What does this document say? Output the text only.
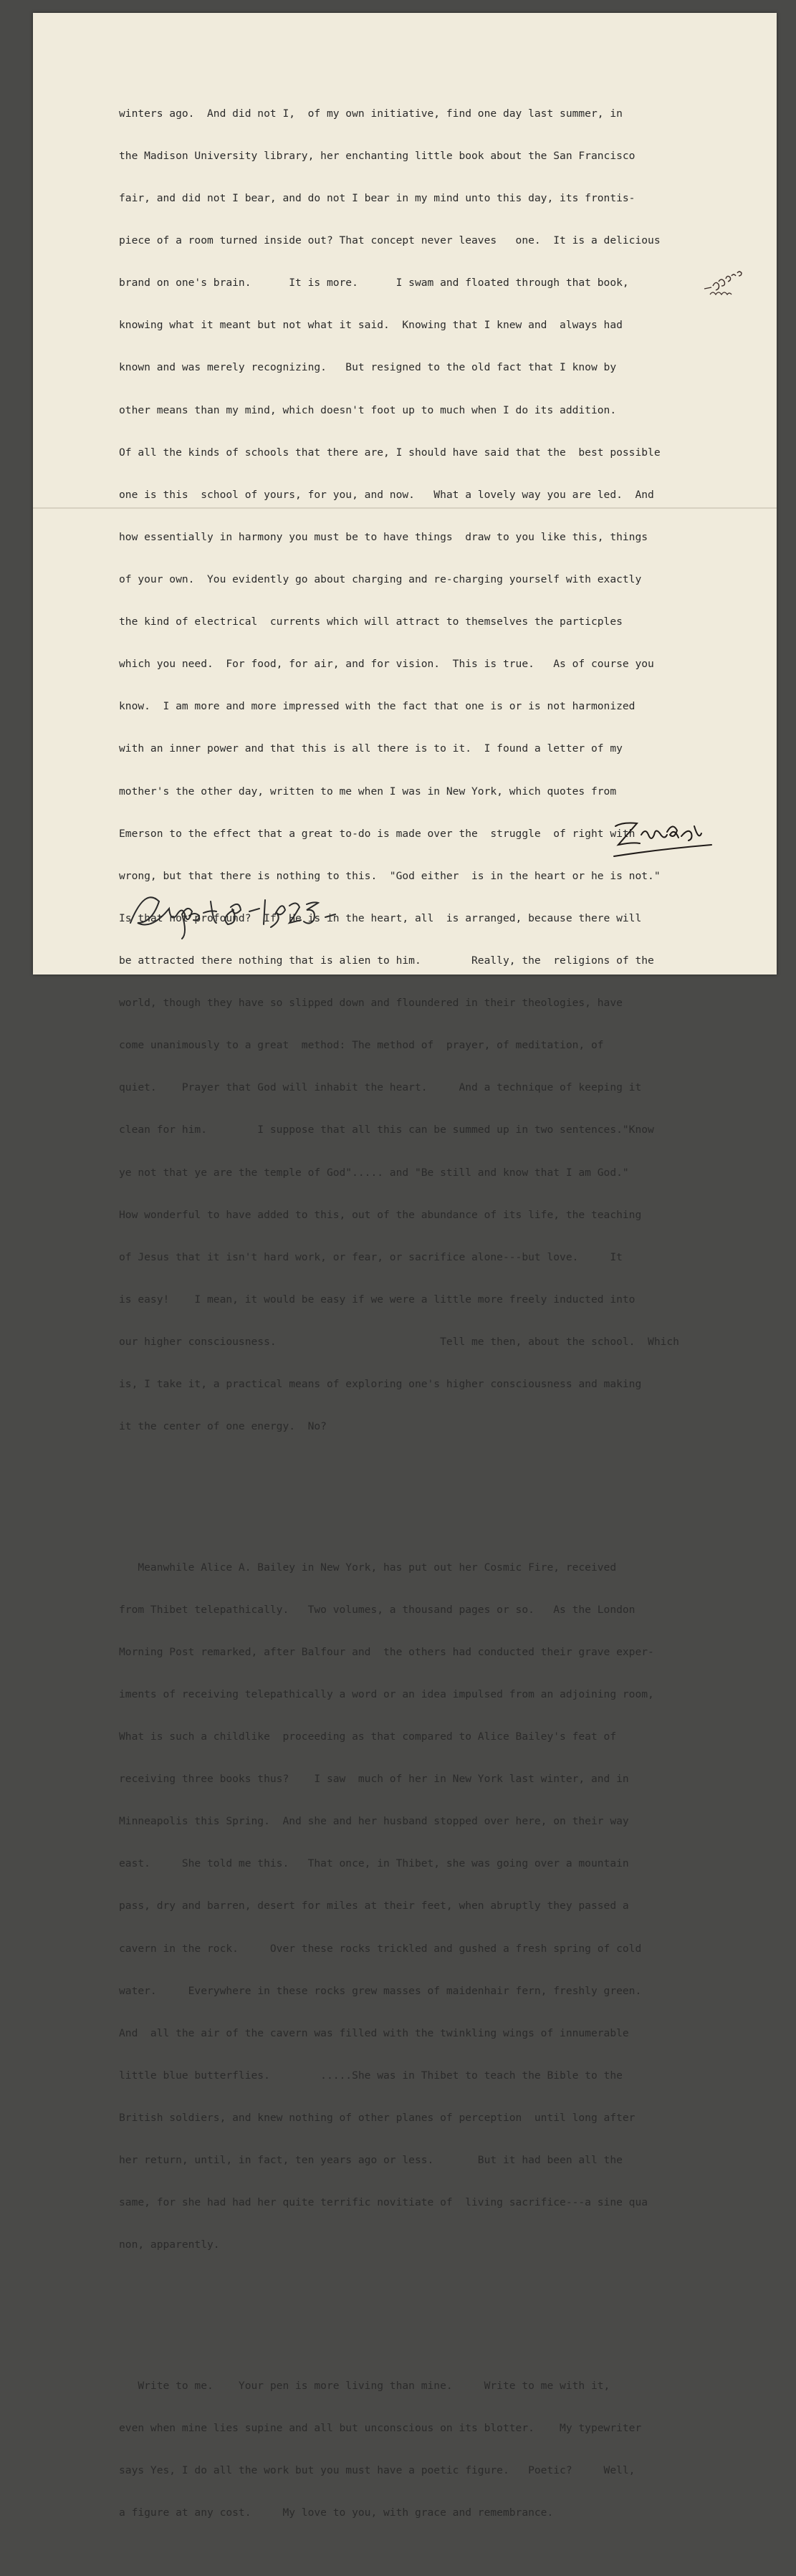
winters ago.  And did not I,  of my own initiative, find one day last summer, in

the Madison University library, her enchanting little book about the San Francisco

fair, and did not I bear, and do not I bear in my mind unto this day, its frontis-

piece of a room turned inside out? That concept never leaves   one.  It is a delicious

brand on one's brain.      It is more.      I swam and floated through that book,

knowing what it meant but not what it said.  Knowing that I knew and  always had

known and was merely recognizing.   But resigned to the old fact that I know by

other means than my mind, which doesn't foot up to much when I do its addition.

Of all the kinds of schools that there are, I should have said that the  best possible

one is this  school of yours, for you, and now.   What a lovely way you are led.  And

how essentially in harmony you must be to have things  draw to you like this, things

of your own.  You evidently go about charging and re-charging yourself with exactly

the kind of electrical  currents which will attract to themselves the particples

which you need.  For food, for air, and for vision.  This is true.   As of course you

know.  I am more and more impressed with the fact that one is or is not harmonized

with an inner power and that this is all there is to it.  I found a letter of my

mother's the other day, written to me when I was in New York, which quotes from

Emerson to the effect that a great to-do is made over the  struggle  of right with

wrong, but that there is nothing to this.  "God either  is in the heart or he is not."

Is that not profound?  If  He is in the heart, all  is arranged, because there will

be attracted there nothing that is alien to him.        Really, the  religions of the

world, though they have so slipped down and floundered in their theologies, have

come unanimously to a great  method: The method of  prayer, of meditation, of

quiet.    Prayer that God will inhabit the heart.     And a technique of keeping it

clean for him.        I suppose that all this can be summed up in two sentences."Know

ye not that ye are the temple of God"..... and "Be still and know that I am God."

How wonderful to have added to this, out of the abundance of its life, the teaching

of Jesus that it isn't hard work, or fear, or sacrifice alone---but love.     It

is easy!    I mean, it would be easy if we were a little more freely inducted into

our higher consciousness.                          Tell me then, about the school.  Which

is, I take it, a practical means of exploring one's higher consciousness and making

it the center of one energy.  No?

Meanwhile Alice A. Bailey in New York, has put out her Cosmic Fire, received

from Thibet telepathically.   Two volumes, a thousand pages or so.   As the London

Morning Post remarked, after Balfour and  the others had conducted their grave exper-

iments of receiving telepathically a word or an idea impulsed from an adjoining room,

What is such a childlike  proceeding as that compared to Alice Bailey's feat of

receiving three books thus?    I saw  much of her in New York last winter, and in

Minneapolis this Spring.  And she and her husband stopped over here, on their way

east.     She told me this.   That once, in Thibet, she was going over a mountain

pass, dry and barren, desert for miles at their feet, when abruptly they passed a

cavern in the rock.     Over these rocks trickled and gushed a fresh spring of cold

water.     Everywhere in these rocks grew masses of maidenhair fern, freshly green.

And  all the air of the cavern was filled with the twinkling wings of innumerable

little blue butterflies.        .....She was in Thibet to teach the Bible to the

British soldiers, and knew nothing of other planes of perception  until long after

her return, until, in fact, ten years ago or less.       But it had been all the

same, for she had had her quite terrific novitiate of  living sacrifice---a sine qua

non, apparently.

Write to me.    Your pen is more living than mine.     Write to me with it,

even when mine lies supine and all but unconscious on its blotter.    My typewriter

says Yes, I do all the work but you must have a poetic figure.   Poetic?     Well,

a figure at any cost.     My love to you, with grace and remembrance.
